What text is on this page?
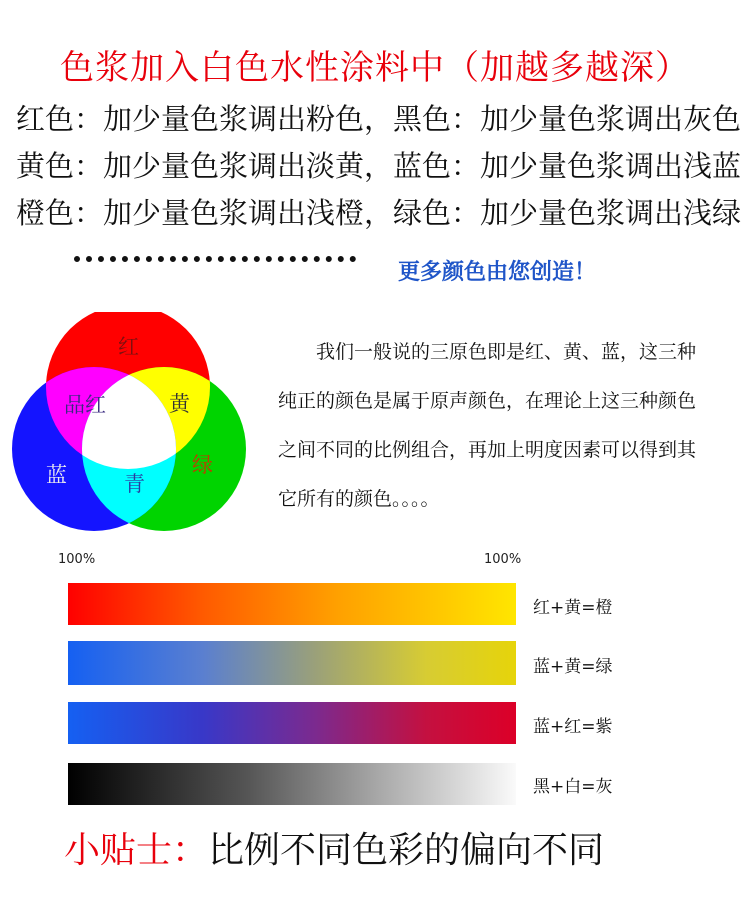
色浆加入白色水性涂料中（加越多越深）
红色：加少量色浆调出粉色，黑色：加少量色浆调出灰色
黄色：加少量色浆调出淡黄，蓝色：加少量色浆调出浅蓝
橙色：加少量色浆调出浅橙，绿色：加少量色浆调出浅绿
更多颜色由您创造！
红
品红	黄
绿
蓝	青
　　我们一般说的三原色即是红、黄、蓝，这三种
纯正的颜色是属于原声颜色，在理论上这三种颜色
之间不同的比例组合，再加上明度因素可以得到其
它所有的颜色。。。。
100%	100%
红+黄=橙
蓝+黄=绿
蓝+红=紫
黑+白=灰
小贴士：比例不同色彩的偏向不同
